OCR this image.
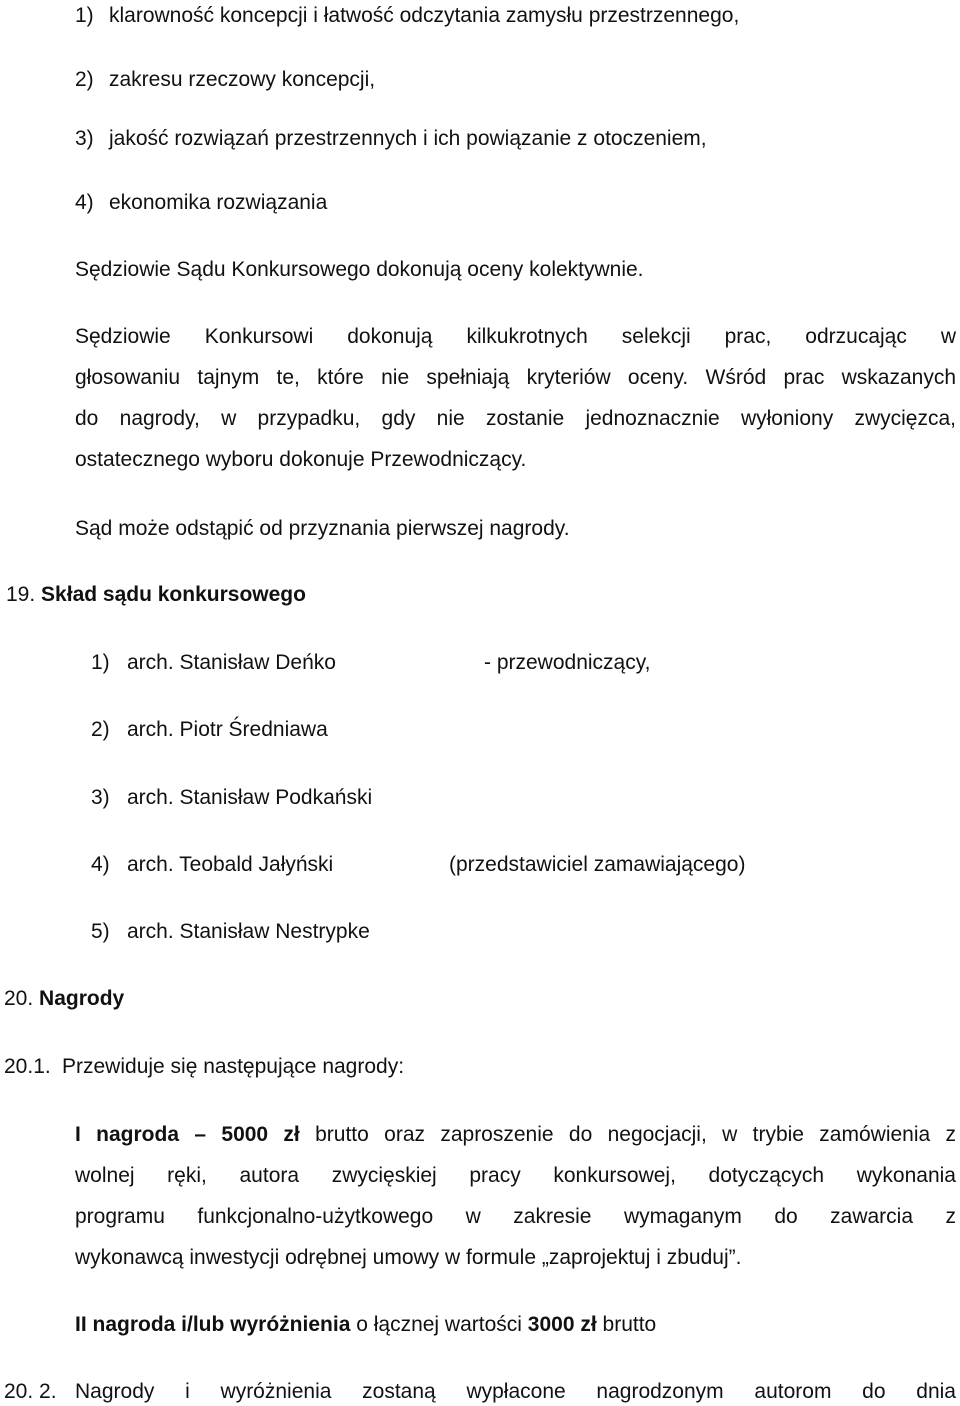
1) klarowność koncepcji i łatwość odczytania zamysłu przestrzennego,
2) zakresu rzeczowy koncepcji,
3) jakość rozwiązań przestrzennych i ich powiązanie z otoczeniem,
4) ekonomika rozwiązania
Sędziowie Sądu Konkursowego dokonują oceny kolektywnie.
Sędziowie Konkursowi dokonują kilkukrotnych selekcji prac, odrzucając w
głosowaniu tajnym te, które nie spełniają kryteriów oceny. Wśród prac wskazanych
do nagrody, w przypadku, gdy nie zostanie jednoznacznie wyłoniony zwycięzca,
ostatecznego wyboru dokonuje Przewodniczący.
Sąd może odstąpić od przyznania pierwszej nagrody.
19. Skład sądu konkursowego
1) arch. Stanisław Deńko	- przewodniczący,
2) arch. Piotr Średniawa
3) arch. Stanisław Podkański
4) arch. Teobald Jałyński	(przedstawiciel zamawiającego)
5) arch. Stanisław Nestrypke
20. Nagrody
20.1. Przewiduje się następujące nagrody:
I nagroda – 5000 zł brutto oraz zaproszenie do negocjacji, w trybie zamówienia z
wolnej ręki, autora zwycięskiej pracy konkursowej, dotyczących wykonania
programu funkcjonalno-użytkowego w zakresie wymaganym do zawarcia z
wykonawcą inwestycji odrębnej umowy w formule „zaprojektuj i zbuduj”.
II nagroda i/lub wyróżnienia o łącznej wartości 3000 zł brutto
20. 2. Nagrody i wyróżnienia zostaną wypłacone nagrodzonym autorom do dnia
